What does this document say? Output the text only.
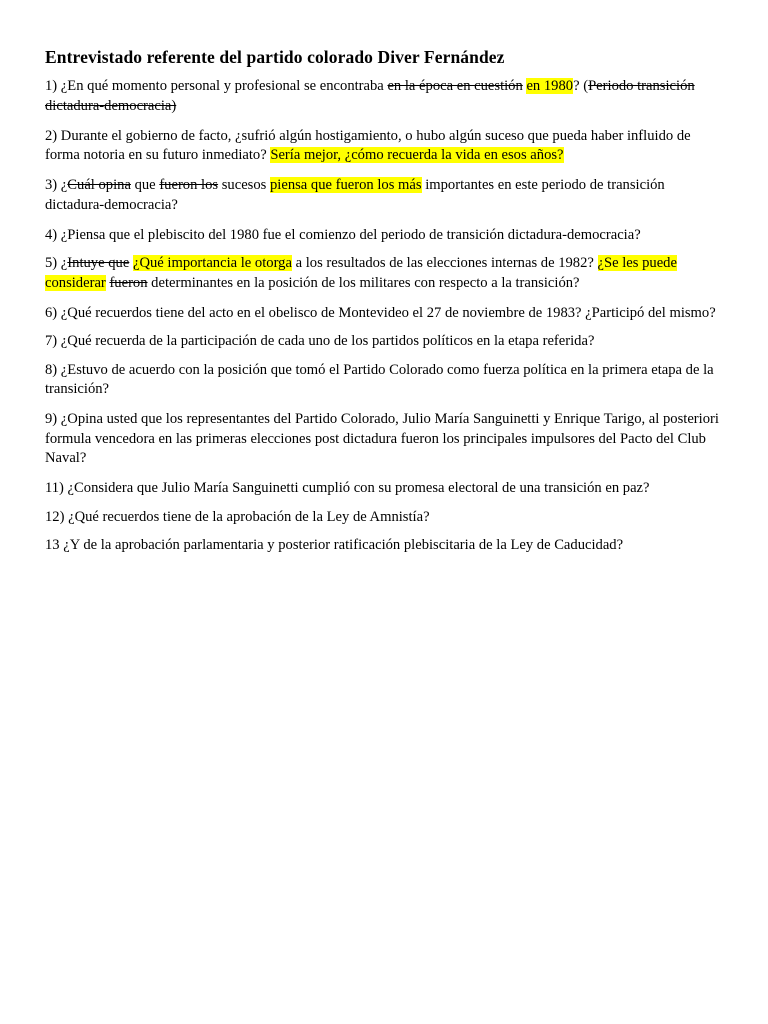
Entrevistado referente del partido colorado Diver Fernández

1) ¿En qué momento personal y profesional se encontraba en la época en cuestión en 1980? (Periodo transición dictadura-democracia)

2) Durante el gobierno de facto, ¿sufrió algún hostigamiento, o hubo algún suceso que pueda haber influido de forma notoria en su futuro inmediato? Sería mejor, ¿cómo recuerda la vida en esos años?

3) ¿Cuál opina que fueron los sucesos piensa que fueron los más importantes en este periodo de transición dictadura-democracia?

4) ¿Piensa que el plebiscito del 1980 fue el comienzo del periodo de transición dictadura-democracia?

5) ¿Intuye que ¿Qué importancia le otorga a los resultados de las elecciones internas de 1982? ¿Se les puede considerar fueron determinantes en la posición de los militares con respecto a la transición?

6) ¿Qué recuerdos tiene del acto en el obelisco de Montevideo el 27 de noviembre de 1983? ¿Participó del mismo?

7) ¿Qué recuerda de la participación de cada uno de los partidos políticos en la etapa referida?

8) ¿Estuvo de acuerdo con la posición que tomó el Partido Colorado como fuerza política en la primera etapa de la transición?

9) ¿Opina usted que los representantes del Partido Colorado, Julio María Sanguinetti y Enrique Tarigo, al posteriori formula vencedora en las primeras elecciones post dictadura fueron los principales impulsores del Pacto del Club Naval?

11) ¿Considera que Julio María Sanguinetti cumplió con su promesa electoral de una transición en paz?

12) ¿Qué recuerdos tiene de la aprobación de la Ley de Amnistía?

13 ¿Y de la aprobación parlamentaria y posterior ratificación plebiscitaria de la Ley de Caducidad?
